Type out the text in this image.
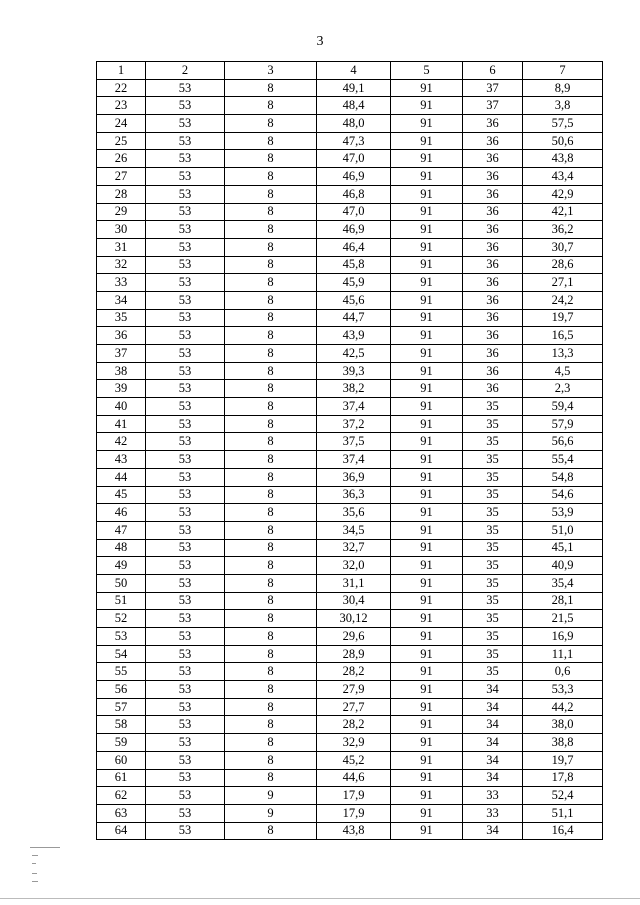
3
1	2	3	4	5	6	7
22	53	8	49,1	91	37	8,9
23	53	8	48,4	91	37	3,8
24	53	8	48,0	91	36	57,5
25	53	8	47,3	91	36	50,6
26	53	8	47,0	91	36	43,8
27	53	8	46,9	91	36	43,4
28	53	8	46,8	91	36	42,9
29	53	8	47,0	91	36	42,1
30	53	8	46,9	91	36	36,2
31	53	8	46,4	91	36	30,7
32	53	8	45,8	91	36	28,6
33	53	8	45,9	91	36	27,1
34	53	8	45,6	91	36	24,2
35	53	8	44,7	91	36	19,7
36	53	8	43,9	91	36	16,5
37	53	8	42,5	91	36	13,3
38	53	8	39,3	91	36	4,5
39	53	8	38,2	91	36	2,3
40	53	8	37,4	91	35	59,4
41	53	8	37,2	91	35	57,9
42	53	8	37,5	91	35	56,6
43	53	8	37,4	91	35	55,4
44	53	8	36,9	91	35	54,8
45	53	8	36,3	91	35	54,6
46	53	8	35,6	91	35	53,9
47	53	8	34,5	91	35	51,0
48	53	8	32,7	91	35	45,1
49	53	8	32,0	91	35	40,9
50	53	8	31,1	91	35	35,4
51	53	8	30,4	91	35	28,1
52	53	8	30,12	91	35	21,5
53	53	8	29,6	91	35	16,9
54	53	8	28,9	91	35	11,1
55	53	8	28,2	91	35	0,6
56	53	8	27,9	91	34	53,3
57	53	8	27,7	91	34	44,2
58	53	8	28,2	91	34	38,0
59	53	8	32,9	91	34	38,8
60	53	8	45,2	91	34	19,7
61	53	8	44,6	91	34	17,8
62	53	9	17,9	91	33	52,4
63	53	9	17,9	91	33	51,1
64	53	8	43,8	91	34	16,4
